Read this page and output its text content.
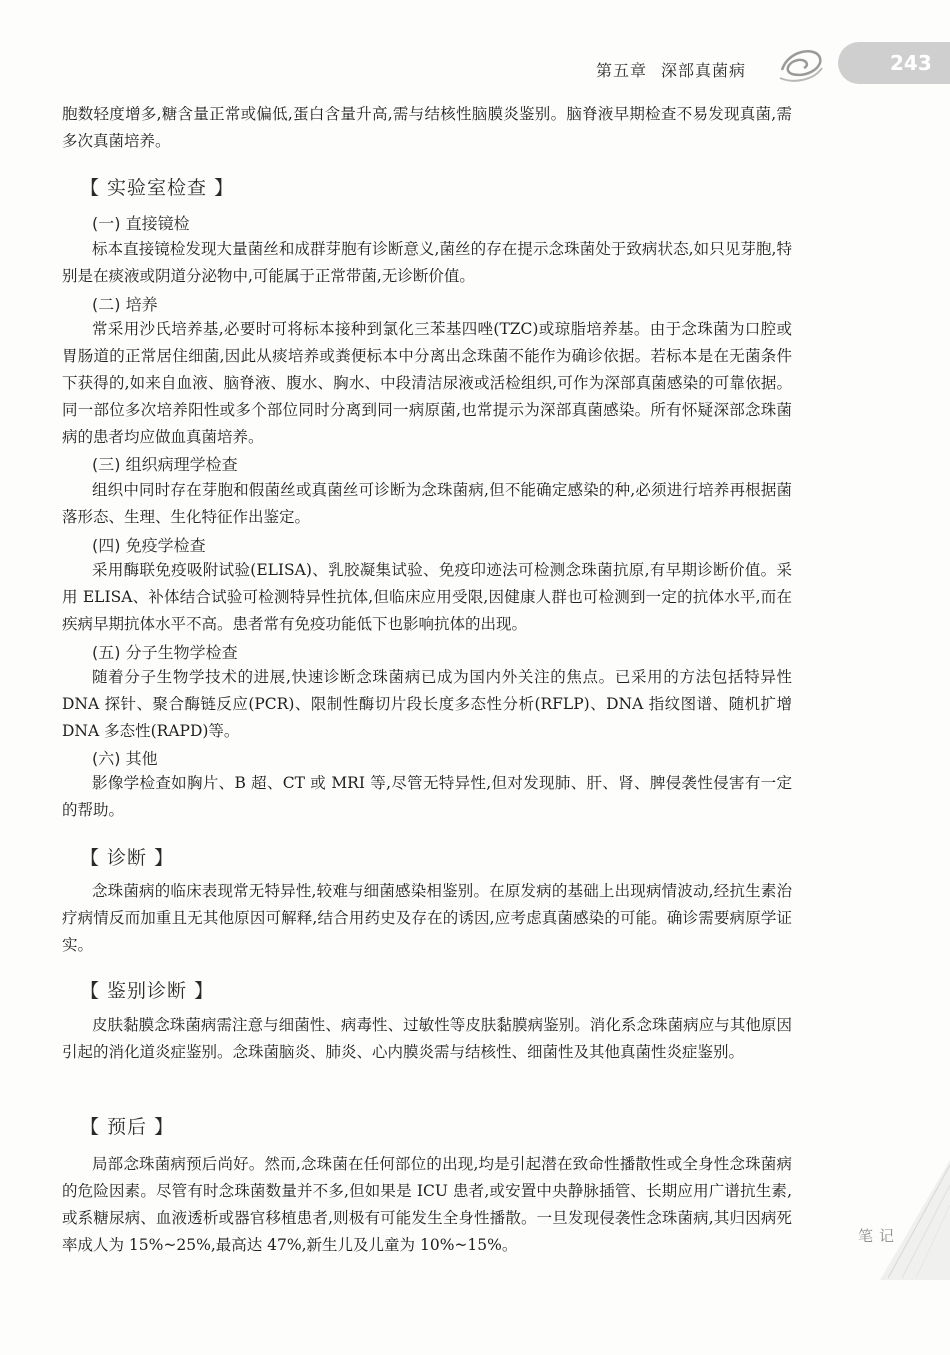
第五章 深部真菌病	243
胞数轻度增多,糖含量正常或偏低,蛋白含量升高,需与结核性脑膜炎鉴别。脑脊液早期检查不易发现真菌,需多次真菌培养。
【 实验室检查 】
(一) 直接镜检
标本直接镜检发现大量菌丝和成群芽胞有诊断意义,菌丝的存在提示念珠菌处于致病状态,如只见芽胞,特别是在痰液或阴道分泌物中,可能属于正常带菌,无诊断价值。
(二) 培养
常采用沙氏培养基,必要时可将标本接种到氯化三苯基四唑(TZC)或琼脂培养基。由于念珠菌为口腔或胃肠道的正常居住细菌,因此从痰培养或粪便标本中分离出念珠菌不能作为确诊依据。若标本是在无菌条件下获得的,如来自血液、脑脊液、腹水、胸水、中段清洁尿液或活检组织,可作为深部真菌感染的可靠依据。同一部位多次培养阳性或多个部位同时分离到同一病原菌,也常提示为深部真菌感染。所有怀疑深部念珠菌病的患者均应做血真菌培养。
(三) 组织病理学检查
组织中同时存在芽胞和假菌丝或真菌丝可诊断为念珠菌病,但不能确定感染的种,必须进行培养再根据菌落形态、生理、生化特征作出鉴定。
(四) 免疫学检查
采用酶联免疫吸附试验(ELISA)、乳胶凝集试验、免疫印迹法可检测念珠菌抗原,有早期诊断价值。采用 ELISA、补体结合试验可检测特异性抗体,但临床应用受限,因健康人群也可检测到一定的抗体水平,而在疾病早期抗体水平不高。患者常有免疫功能低下也影响抗体的出现。
(五) 分子生物学检查
随着分子生物学技术的进展,快速诊断念珠菌病已成为国内外关注的焦点。已采用的方法包括特异性 DNA 探针、聚合酶链反应(PCR)、限制性酶切片段长度多态性分析(RFLP)、DNA 指纹图谱、随机扩增 DNA 多态性(RAPD)等。
(六) 其他
影像学检查如胸片、B 超、CT 或 MRI 等,尽管无特异性,但对发现肺、肝、肾、脾侵袭性侵害有一定的帮助。
【 诊断 】
念珠菌病的临床表现常无特异性,较难与细菌感染相鉴别。在原发病的基础上出现病情波动,经抗生素治疗病情反而加重且无其他原因可解释,结合用药史及存在的诱因,应考虑真菌感染的可能。确诊需要病原学证实。
【 鉴别诊断 】
皮肤黏膜念珠菌病需注意与细菌性、病毒性、过敏性等皮肤黏膜病鉴别。消化系念珠菌病应与其他原因引起的消化道炎症鉴别。念珠菌脑炎、肺炎、心内膜炎需与结核性、细菌性及其他真菌性炎症鉴别。
【 预后 】
局部念珠菌病预后尚好。然而,念珠菌在任何部位的出现,均是引起潜在致命性播散性或全身性念珠菌病的危险因素。尽管有时念珠菌数量并不多,但如果是 ICU 患者,或安置中央静脉插管、长期应用广谱抗生素,或系糖尿病、血液透析或器官移植患者,则极有可能发生全身性播散。一旦发现侵袭性念珠菌病,其归因病死率成人为 15%~25%,最高达 47%,新生儿及儿童为 10%~15%。	笔记
